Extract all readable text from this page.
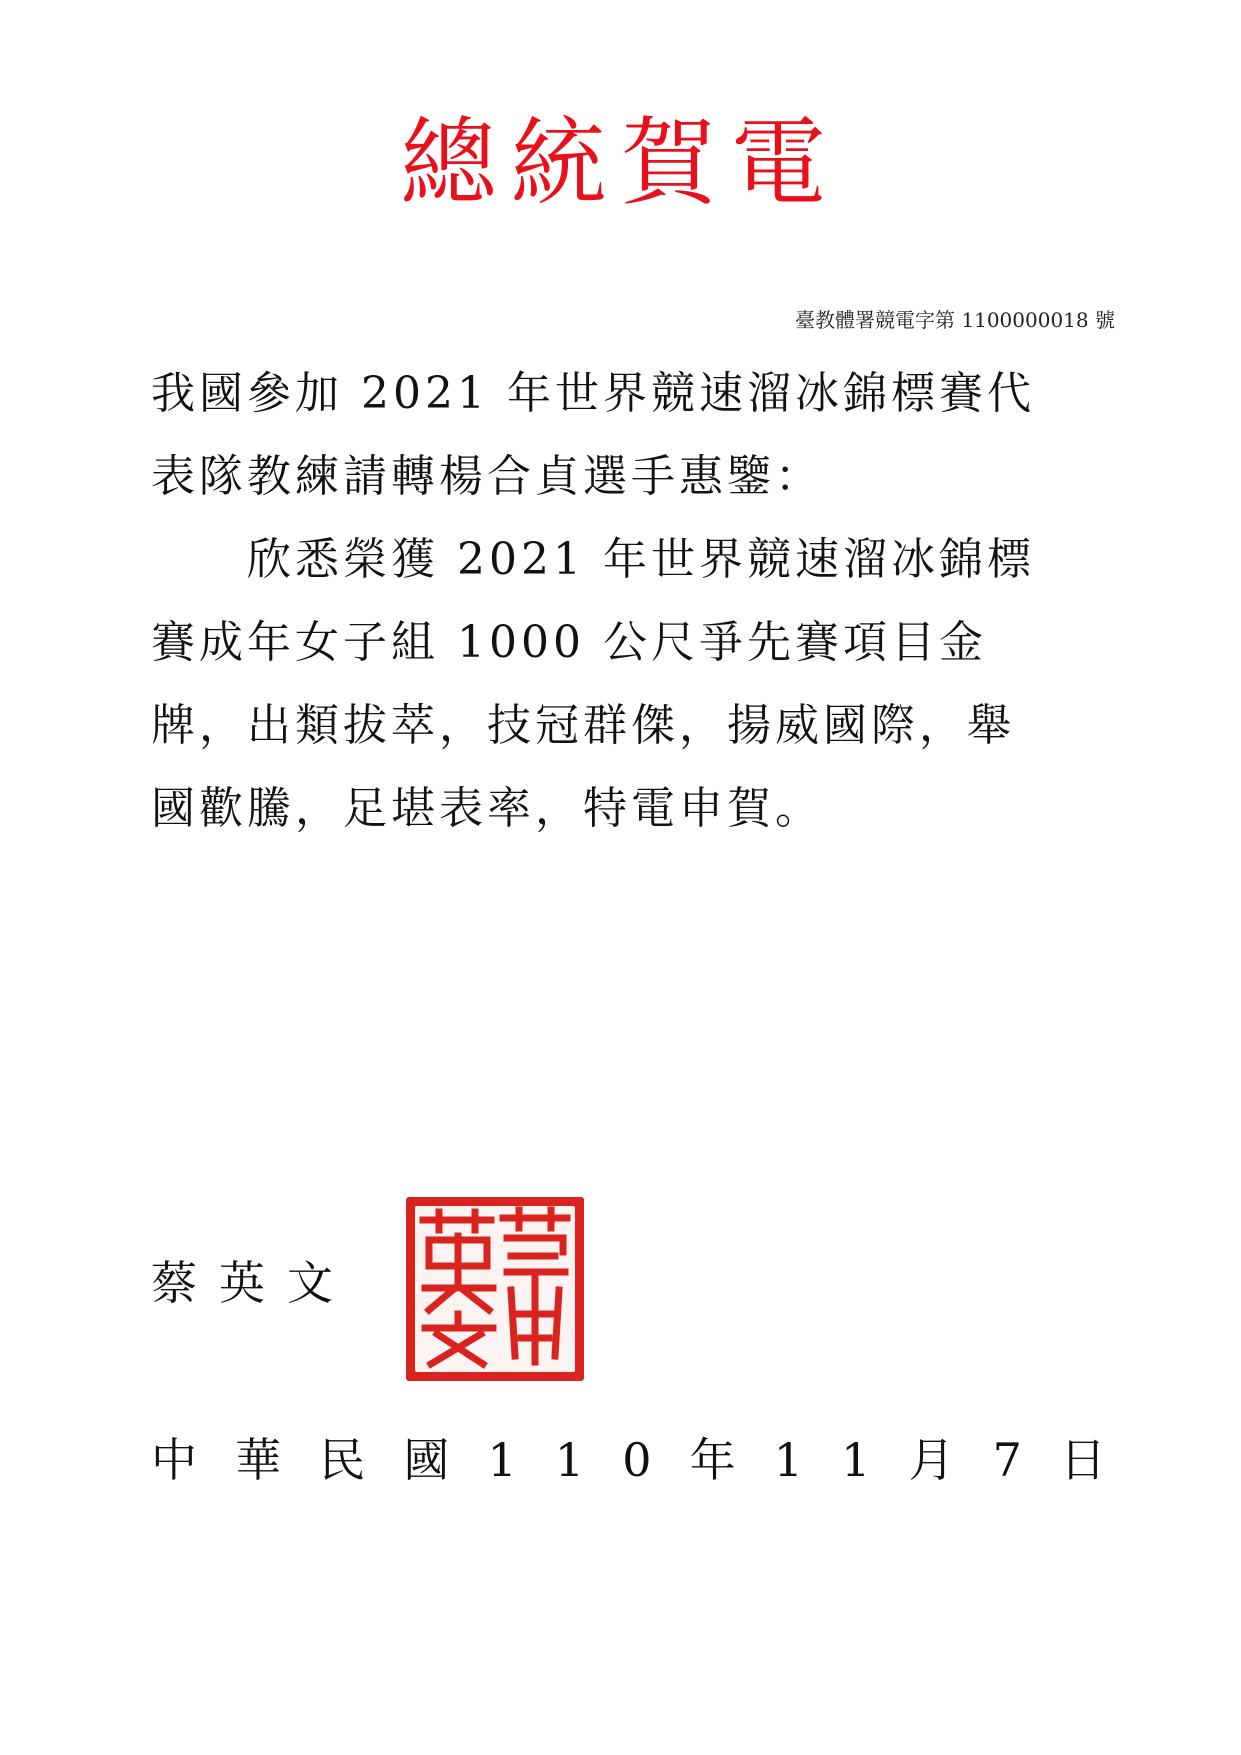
總統賀電
臺教體署競電字第 1100000018 號
我國參加 2021 年世界競速溜冰錦標賽代
表隊教練請轉楊合貞選手惠鑒：
　　欣悉榮獲 2021 年世界競速溜冰錦標
賽成年女子組 1000 公尺爭先賽項目金
牌，出類拔萃，技冠群傑，揚威國際，舉
國歡騰，足堪表率，特電申賀。
蔡英文
中 華 民 國 1 1 0 年 1 1 月 7 日
